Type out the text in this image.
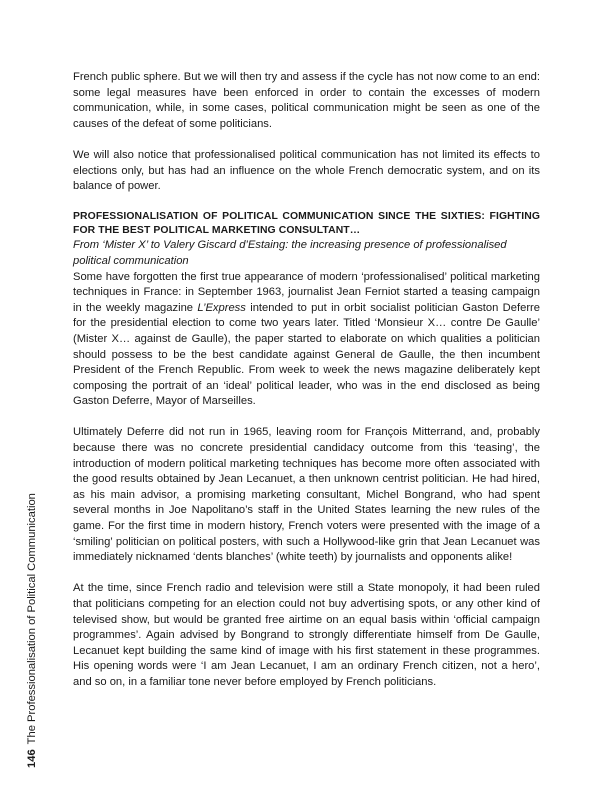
146The Professionalisation of Political Communication

French public sphere. But we will then try and assess if the cycle has not now come to an end: some legal measures have been enforced in order to contain the excesses of modern communication, while, in some cases, political communication might be seen as one of the causes of the defeat of some politicians.

We will also notice that professionalised political communication has not limited its effects to elections only, but has had an influence on the whole French democratic system, and on its balance of power.

PROFESSIONALISATION OF POLITICAL COMMUNICATION SINCE THE SIXTIES: FIGHTING FOR THE BEST POLITICAL MARKETING CONSULTANT…

From ‘Mister X’ to Valery Giscard d’Estaing: the increasing presence of professionalised political communication

Some have forgotten the first true appearance of modern ‘professionalised’ political marketing techniques in France: in September 1963, journalist Jean Ferniot started a teasing campaign in the weekly magazine L’Express intended to put in orbit socialist politician Gaston Deferre for the presidential election to come two years later. Titled ‘Monsieur X… contre De Gaulle’ (Mister X… against de Gaulle), the paper started to elaborate on which qualities a politician should possess to be the best candidate against General de Gaulle, the then incumbent President of the French Republic. From week to week the news magazine deliberately kept composing the portrait of an ‘ideal’ political leader, who was in the end disclosed as being Gaston Deferre, Mayor of Marseilles.

Ultimately Deferre did not run in 1965, leaving room for François Mitterrand, and, probably because there was no concrete presidential candidacy outcome from this ‘teasing’, the introduction of modern political marketing techniques has become more often associated with the good results obtained by Jean Lecanuet, a then unknown centrist politician. He had hired, as his main advisor, a promising marketing consultant, Michel Bongrand, who had spent several months in Joe Napolitano’s staff in the United States learning the new rules of the game. For the first time in modern history, French voters were presented with the image of a ‘smiling’ politician on political posters, with such a Hollywood-like grin that Jean Lecanuet was immediately nicknamed ‘dents blanches’ (white teeth) by journalists and opponents alike!

At the time, since French radio and television were still a State monopoly, it had been ruled that politicians competing for an election could not buy advertising spots, or any other kind of televised show, but would be granted free airtime on an equal basis within ‘official campaign programmes’. Again advised by Bongrand to strongly differentiate himself from De Gaulle, Lecanuet kept building the same kind of image with his first statement in these programmes. His opening words were ‘I am Jean Lecanuet, I am an ordinary French citizen, not a hero’, and so on, in a familiar tone never before employed by French politicians.
